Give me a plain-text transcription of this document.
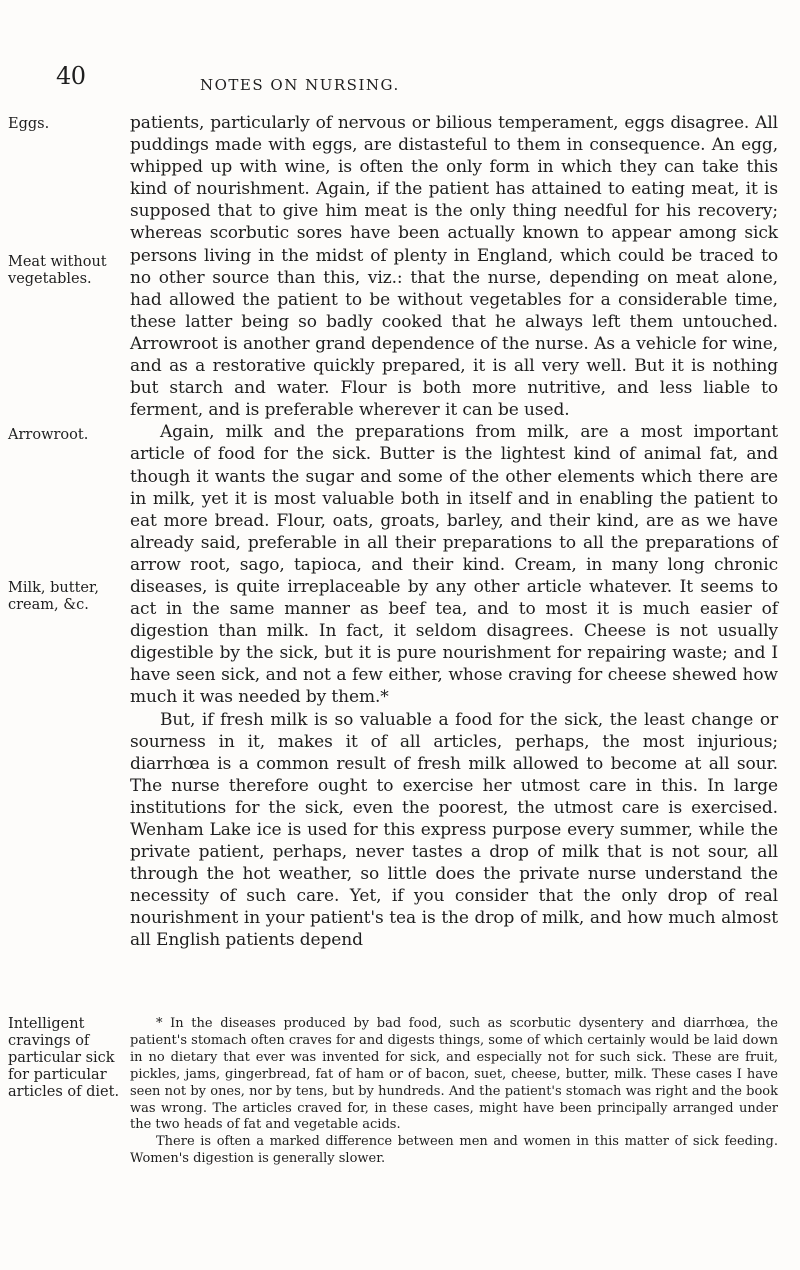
40	NOTES ON NURSING.
Eggs.
Meat without vegetables.
Arrowroot.
Milk, butter, cream, &c.
Intelligent cravings of particular sick for particular articles of diet.

patients, particularly of nervous or bilious temperament, eggs disagree. All puddings made with eggs, are distasteful to them in consequence. An egg, whipped up with wine, is often the only form in which they can take this kind of nourishment. Again, if the patient has attained to eating meat, it is supposed that to give him meat is the only thing needful for his recovery; whereas scorbutic sores have been actually known to appear among sick persons living in the midst of plenty in England, which could be traced to no other source than this, viz.: that the nurse, depending on meat alone, had allowed the patient to be without vegetables for a considerable time, these latter being so badly cooked that he always left them untouched. Arrowroot is another grand dependence of the nurse. As a vehicle for wine, and as a restorative quickly prepared, it is all very well. But it is nothing but starch and water. Flour is both more nutritive, and less liable to ferment, and is preferable wherever it can be used.

Again, milk and the preparations from milk, are a most important article of food for the sick. Butter is the lightest kind of animal fat, and though it wants the sugar and some of the other elements which there are in milk, yet it is most valuable both in itself and in enabling the patient to eat more bread. Flour, oats, groats, barley, and their kind, are as we have already said, preferable in all their preparations to all the preparations of arrow root, sago, tapioca, and their kind. Cream, in many long chronic diseases, is quite irreplaceable by any other article whatever. It seems to act in the same manner as beef tea, and to most it is much easier of digestion than milk. In fact, it seldom disagrees. Cheese is not usually digestible by the sick, but it is pure nourishment for repairing waste; and I have seen sick, and not a few either, whose craving for cheese shewed how much it was needed by them.*

But, if fresh milk is so valuable a food for the sick, the least change or sourness in it, makes it of all articles, perhaps, the most injurious; diarrhœa is a common result of fresh milk allowed to become at all sour. The nurse therefore ought to exercise her utmost care in this. In large institutions for the sick, even the poorest, the utmost care is exercised. Wenham Lake ice is used for this express purpose every summer, while the private patient, perhaps, never tastes a drop of milk that is not sour, all through the hot weather, so little does the private nurse understand the necessity of such care. Yet, if you consider that the only drop of real nourishment in your patient's tea is the drop of milk, and how much almost all English patients depend

* In the diseases produced by bad food, such as scorbutic dysentery and diarrhœa, the patient's stomach often craves for and digests things, some of which certainly would be laid down in no dietary that ever was invented for sick, and especially not for such sick. These are fruit, pickles, jams, gingerbread, fat of ham or of bacon, suet, cheese, butter, milk. These cases I have seen not by ones, nor by tens, but by hundreds. And the patient's stomach was right and the book was wrong. The articles craved for, in these cases, might have been principally arranged under the two heads of fat and vegetable acids.

There is often a marked difference between men and women in this matter of sick feeding. Women's digestion is generally slower.
